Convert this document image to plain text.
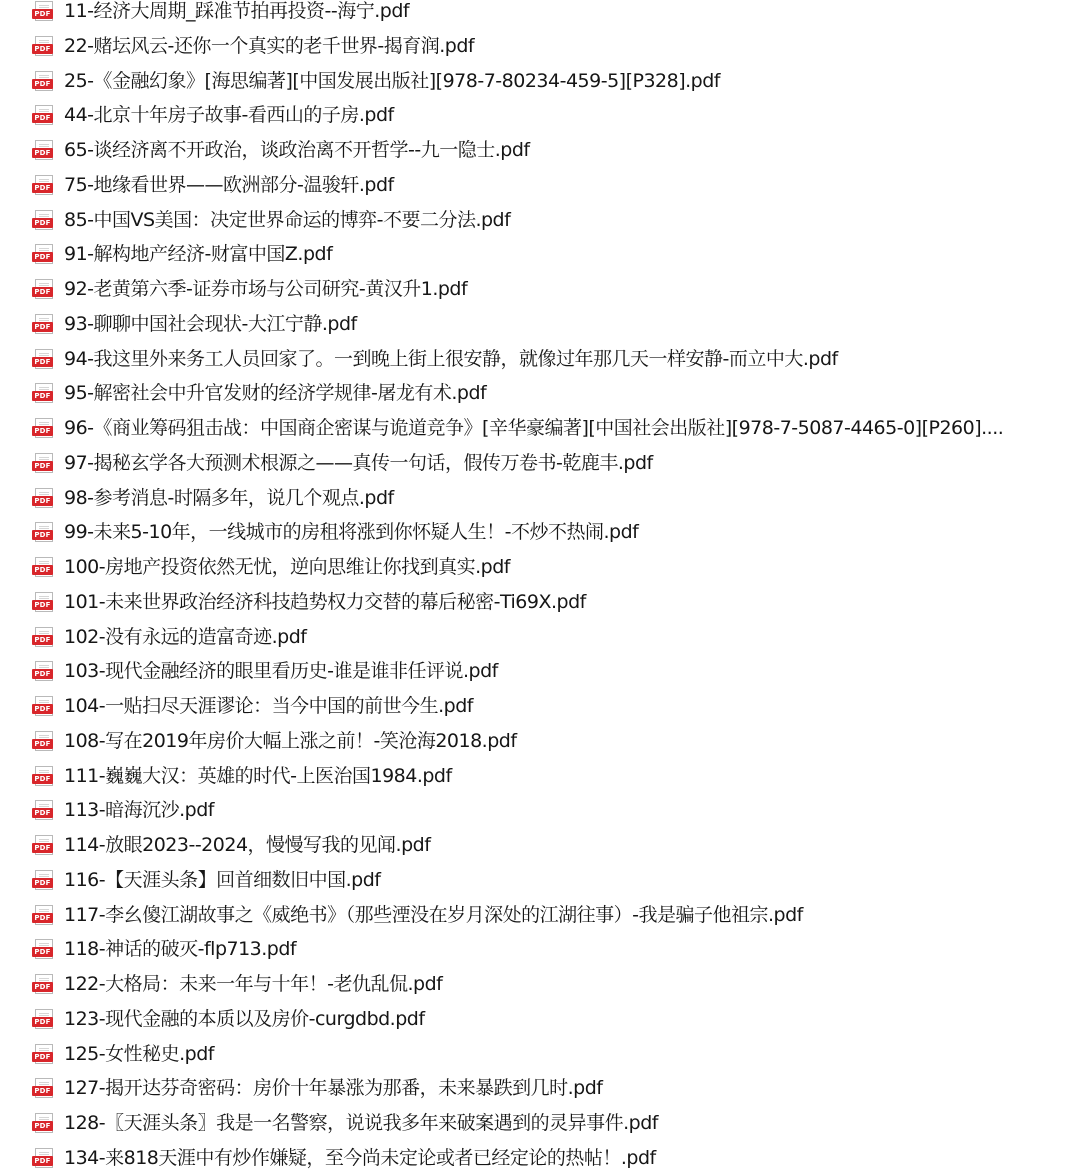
PDF 11-经济大周期_踩准节拍再投资--海宁.pdf
PDF 22-赌坛风云-还你一个真实的老千世界-揭育润.pdf
PDF 25-《金融幻象》[海思编著][中国发展出版社][978-7-80234-459-5][P328].pdf
PDF 44-北京十年房子故事-看西山的子房.pdf
PDF 65-谈经济离不开政治，谈政治离不开哲学--九一隐士.pdf
PDF 75-地缘看世界——欧洲部分-温骏轩.pdf
PDF 85-中国VS美国：决定世界命运的博弈-不要二分法.pdf
PDF 91-解构地产经济-财富中国Z.pdf
PDF 92-老黄第六季-证券市场与公司研究-黄汉升1.pdf
PDF 93-聊聊中国社会现状-大江宁静.pdf
PDF 94-我这里外来务工人员回家了。一到晚上街上很安静，就像过年那几天一样安静-而立中大.pdf
PDF 95-解密社会中升官发财的经济学规律-屠龙有术.pdf
PDF 96-《商业筹码狙击战：中国商企密谋与诡道竞争》[辛华豪编著][中国社会出版社][978-7-5087-4465-0][P260]....
PDF 97-揭秘玄学各大预测术根源之——真传一句话，假传万卷书-乾鹿丰.pdf
PDF 98-参考消息-时隔多年，说几个观点.pdf
PDF 99-未来5-10年，一线城市的房租将涨到你怀疑人生！-不炒不热闹.pdf
PDF 100-房地产投资依然无忧，逆向思维让你找到真实.pdf
PDF 101-未来世界政治经济科技趋势权力交替的幕后秘密-Ti69X.pdf
PDF 102-没有永远的造富奇迹.pdf
PDF 103-现代金融经济的眼里看历史-谁是谁非任评说.pdf
PDF 104-一贴扫尽天涯谬论：当今中国的前世今生.pdf
PDF 108-写在2019年房价大幅上涨之前！-笑沧海2018.pdf
PDF 111-巍巍大汉：英雄的时代-上医治国1984.pdf
PDF 113-暗海沉沙.pdf
PDF 114-放眼2023--2024，慢慢写我的见闻.pdf
PDF 116-【天涯头条】回首细数旧中国.pdf
PDF 117-李幺傻江湖故事之《威绝书》（那些湮没在岁月深处的江湖往事）-我是骗子他祖宗.pdf
PDF 118-神话的破灭-flp713.pdf
PDF 122-大格局：未来一年与十年！-老仇乱侃.pdf
PDF 123-现代金融的本质以及房价-curgdbd.pdf
PDF 125-女性秘史.pdf
PDF 127-揭开达芬奇密码：房价十年暴涨为那番，未来暴跌到几时.pdf
PDF 128-〖天涯头条〗我是一名警察，说说我多年来破案遇到的灵异事件.pdf
PDF 134-来818天涯中有炒作嫌疑，至今尚未定论或者已经定论的热帖！.pdf
